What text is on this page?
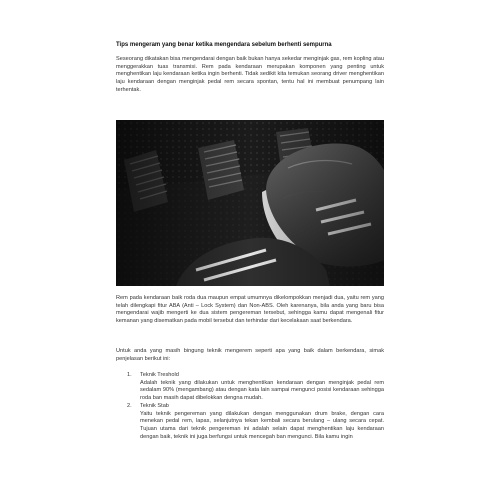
Tips mengeram yang benar ketika mengendara sebelum berhenti sempurna
Seseorang dikatakan bisa mengendarai dengan baik bukan hanya sekedar menginjak gas, rem kopling atau menggerakkan tuas transmisi. Rem pada kendaraan merupakan komponen yang penting untuk menghentikan laju kendaraan ketika ingin berhenti. Tidak sedikit kita temukan seorang driver menghentikan laju kendaraan dengan menginjak pedal rem secara spontan, tentu hal ini membuat penumpang lain terhentak.
Rem pada kendaraan baik roda dua maupun empat umumnya dikelompokkan menjadi dua, yaitu rem yang telah dilengkapi fitur ABA (Anti – Lock System) dan Non-ABS. Oleh karenanya, bila anda yang baru bisa mengendarai wajib mengerti ke dua sistem pengereman tersebut, sehingga kamu dapat mengenali fitur kemanan yang disematkan pada mobil tersebut dan terhindar dari kecelakaan saat berkendara.
Untuk anda yang masih bingung teknik mengerem seperti apa yang baik dalam berkendara, simak penjelasan berikut ini:
1. Teknik Treshold
Adalah teknik yang dilakukan untuk menghentikan kendaraan dengan menginjak pedal rem sedalam 90% (mengambang) atau dengan kata lain sampai mengunci posisi kendaraan sehingga roda ban masih dapat dibelokkan dengna mudah.
2. Teknik Stab
Yaitu teknik pengereman yang dilakukan dengan menggunakan drum brake, dengan cara menekan pedal rem, lapas, selanjutnya tekan kembali secara berulang – ulang secara cepat. Tujuan utama dari teknik pengereman ini adalah selain dapat menghentikan laju kendaraan dengan baik, teknik ini juga berfungsi untuk mencegah ban mengunci. Bila kamu ingin
